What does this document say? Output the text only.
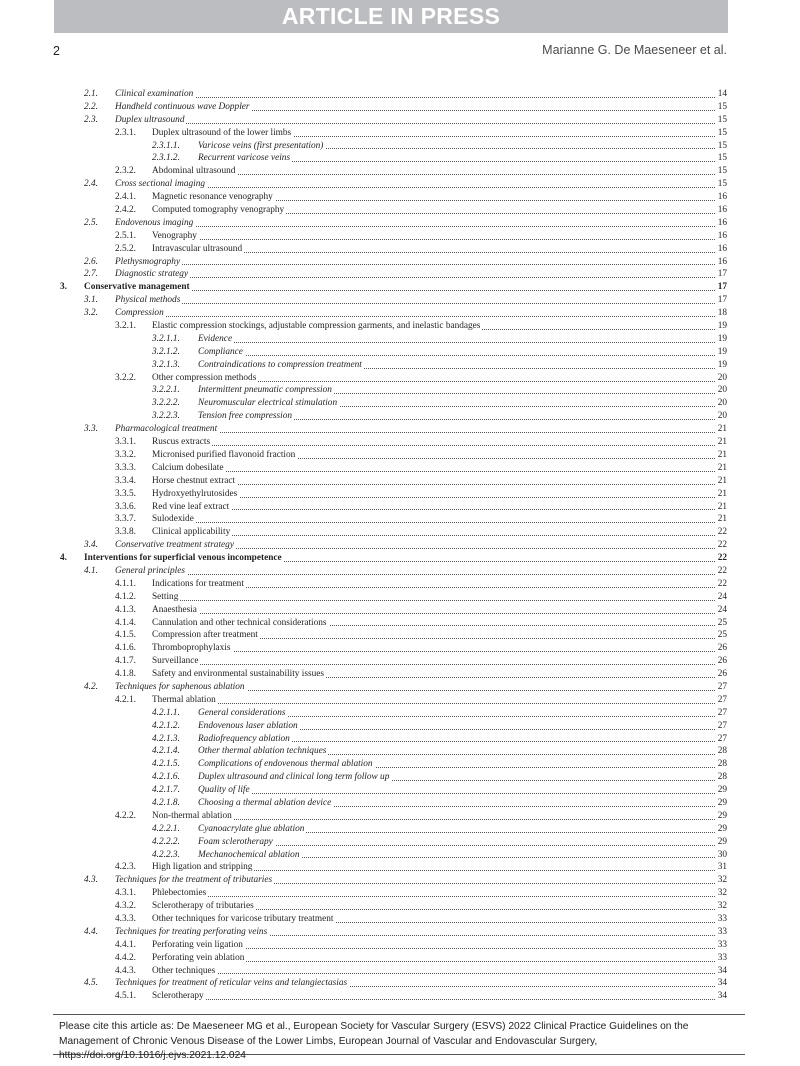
ARTICLE IN PRESS
2	Marianne G. De Maeseneer et al.
2.1. Clinical examination	14
2.2. Handheld continuous wave Doppler	15
2.3. Duplex ultrasound	15
2.3.1. Duplex ultrasound of the lower limbs	15
2.3.1.1. Varicose veins (first presentation)	15
2.3.1.2. Recurrent varicose veins	15
2.3.2. Abdominal ultrasound	15
2.4. Cross sectional imaging	15
2.4.1. Magnetic resonance venography	16
2.4.2. Computed tomography venography	16
2.5. Endovenous imaging	16
2.5.1. Venography	16
2.5.2. Intravascular ultrasound	16
2.6. Plethysmography	16
2.7. Diagnostic strategy	17
3. Conservative management	17
3.1. Physical methods	17
3.2. Compression	18
3.2.1. Elastic compression stockings, adjustable compression garments, and inelastic bandages	19
3.2.1.1. Evidence	19
3.2.1.2. Compliance	19
3.2.1.3. Contraindications to compression treatment	19
3.2.2. Other compression methods	20
3.2.2.1. Intermittent pneumatic compression	20
3.2.2.2. Neuromuscular electrical stimulation	20
3.2.2.3. Tension free compression	20
3.3. Pharmacological treatment	21
3.3.1. Ruscus extracts	21
3.3.2. Micronised purified flavonoid fraction	21
3.3.3. Calcium dobesilate	21
3.3.4. Horse chestnut extract	21
3.3.5. Hydroxyethylrutosides	21
3.3.6. Red vine leaf extract	21
3.3.7. Sulodexide	21
3.3.8. Clinical applicability	22
3.4. Conservative treatment strategy	22
4. Interventions for superficial venous incompetence	22
4.1. General principles	22
4.1.1. Indications for treatment	22
4.1.2. Setting	24
4.1.3. Anaesthesia	24
4.1.4. Cannulation and other technical considerations	25
4.1.5. Compression after treatment	25
4.1.6. Thromboprophylaxis	26
4.1.7. Surveillance	26
4.1.8. Safety and environmental sustainability issues	26
4.2. Techniques for saphenous ablation	27
4.2.1. Thermal ablation	27
4.2.1.1. General considerations	27
4.2.1.2. Endovenous laser ablation	27
4.2.1.3. Radiofrequency ablation	27
4.2.1.4. Other thermal ablation techniques	28
4.2.1.5. Complications of endovenous thermal ablation	28
4.2.1.6. Duplex ultrasound and clinical long term follow up	28
4.2.1.7. Quality of life	29
4.2.1.8. Choosing a thermal ablation device	29
4.2.2. Non-thermal ablation	29
4.2.2.1. Cyanoacrylate glue ablation	29
4.2.2.2. Foam sclerotherapy	29
4.2.2.3. Mechanochemical ablation	30
4.2.3. High ligation and stripping	31
4.3. Techniques for the treatment of tributaries	32
4.3.1. Phlebectomies	32
4.3.2. Sclerotherapy of tributaries	32
4.3.3. Other techniques for varicose tributary treatment	33
4.4. Techniques for treating perforating veins	33
4.4.1. Perforating vein ligation	33
4.4.2. Perforating vein ablation	33
4.4.3. Other techniques	34
4.5. Techniques for treatment of reticular veins and telangiectasias	34
4.5.1. Sclerotherapy	34
Please cite this article as: De Maeseneer MG et al., European Society for Vascular Surgery (ESVS) 2022 Clinical Practice Guidelines on the Management of Chronic Venous Disease of the Lower Limbs, European Journal of Vascular and Endovascular Surgery, https://doi.org/10.1016/j.ejvs.2021.12.024
